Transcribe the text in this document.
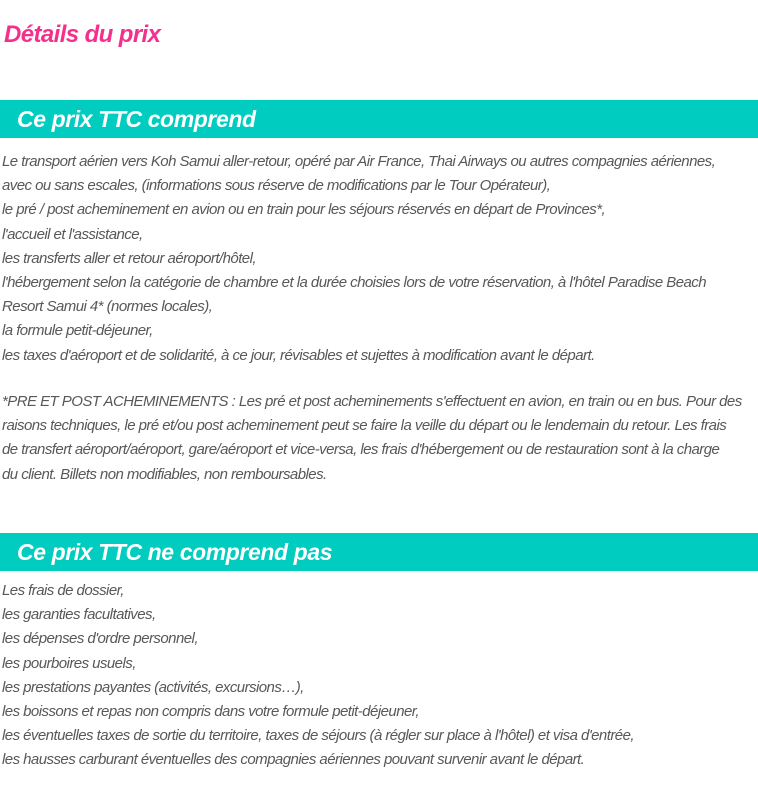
Détails du prix
Ce prix TTC comprend
Le transport aérien vers Koh Samui aller-retour, opéré par Air France, Thai Airways ou autres compagnies aériennes,
avec ou sans escales, (informations sous réserve de modifications par le Tour Opérateur),
le pré / post acheminement en avion ou en train pour les séjours réservés en départ de Provinces*,
l'accueil et l'assistance,
les transferts aller et retour aéroport/hôtel,
l'hébergement selon la catégorie de chambre et la durée choisies lors de votre réservation, à l'hôtel Paradise Beach
Resort Samui 4* (normes locales),
la formule petit-déjeuner,
les taxes d'aéroport et de solidarité, à ce jour, révisables et sujettes à modification avant le départ.
*PRE ET POST ACHEMINEMENTS : Les pré et post acheminements s'effectuent en avion, en train ou en bus. Pour des
raisons techniques, le pré et/ou post acheminement peut se faire la veille du départ ou le lendemain du retour. Les frais
de transfert aéroport/aéroport, gare/aéroport et vice-versa, les frais d'hébergement ou de restauration sont à la charge
du client. Billets non modifiables, non remboursables.
Ce prix TTC ne comprend pas
Les frais de dossier,
les garanties facultatives,
les dépenses d'ordre personnel,
les pourboires usuels,
les prestations payantes (activités, excursions…),
les boissons et repas non compris dans votre formule petit-déjeuner,
les éventuelles taxes de sortie du territoire, taxes de séjours (à régler sur place à l'hôtel) et visa d'entrée,
les hausses carburant éventuelles des compagnies aériennes pouvant survenir avant le départ.
